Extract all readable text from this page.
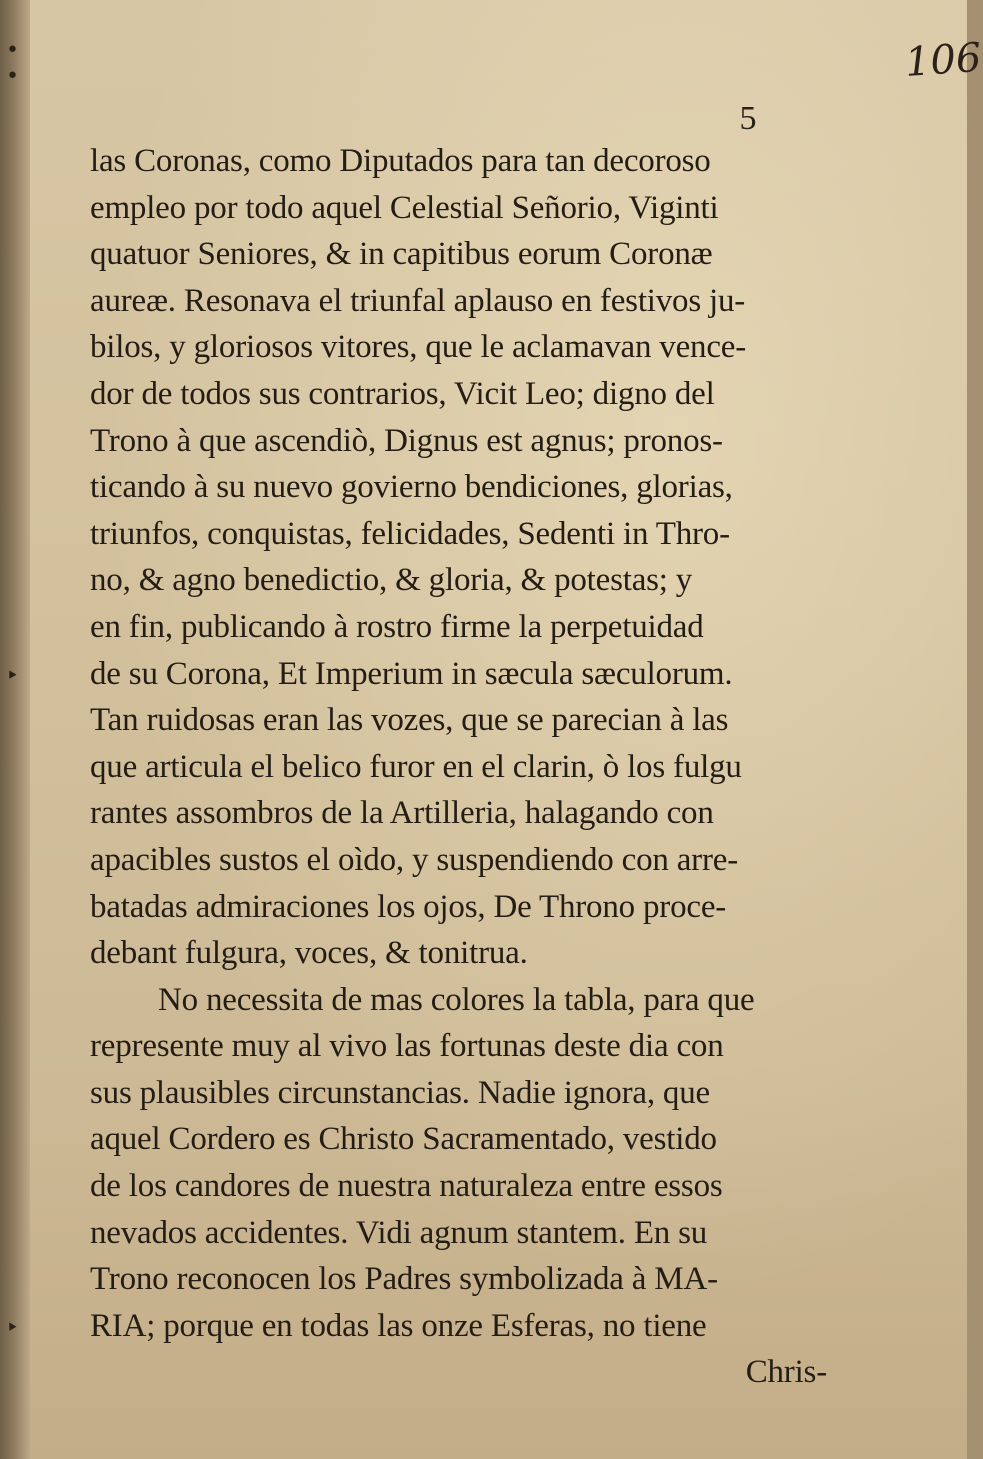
•
•
‣
‣
106
5
las Coronas, como Diputados para tan decoroso
empleo por todo aquel Celestial Señorio, Viginti
quatuor Seniores, & in capitibus eorum Coronæ
aureæ. Resonava el triunfal aplauso en festivos ju-
bilos, y gloriosos vitores, que le aclamavan vence-
dor de todos sus contrarios, Vicit Leo; digno del
Trono à que ascendiò, Dignus est agnus; pronos-
ticando à su nuevo govierno bendiciones, glorias,
triunfos, conquistas, felicidades, Sedenti in Thro-
no, & agno benedictio, & gloria, & potestas; y
en fin, publicando à rostro firme la perpetuidad
de su Corona, Et Imperium in sæcula sæculorum.
Tan ruidosas eran las vozes, que se parecian à las
que articula el belico furor en el clarin, ò los fulgu
rantes assombros de la Artilleria, halagando con
apacibles sustos el oìdo, y suspendiendo con arre-
batadas admiraciones los ojos, De Throno proce-
debant fulgura, voces, & tonitrua.
No necessita de mas colores la tabla, para que
represente muy al vivo las fortunas deste dia con
sus plausibles circunstancias. Nadie ignora, que
aquel Cordero es Christo Sacramentado, vestido
de los candores de nuestra naturaleza entre essos
nevados accidentes. Vidi agnum stantem. En su
Trono reconocen los Padres symbolizada à MA-
RIA; porque en todas las onze Esferas, no tiene
Chris-
